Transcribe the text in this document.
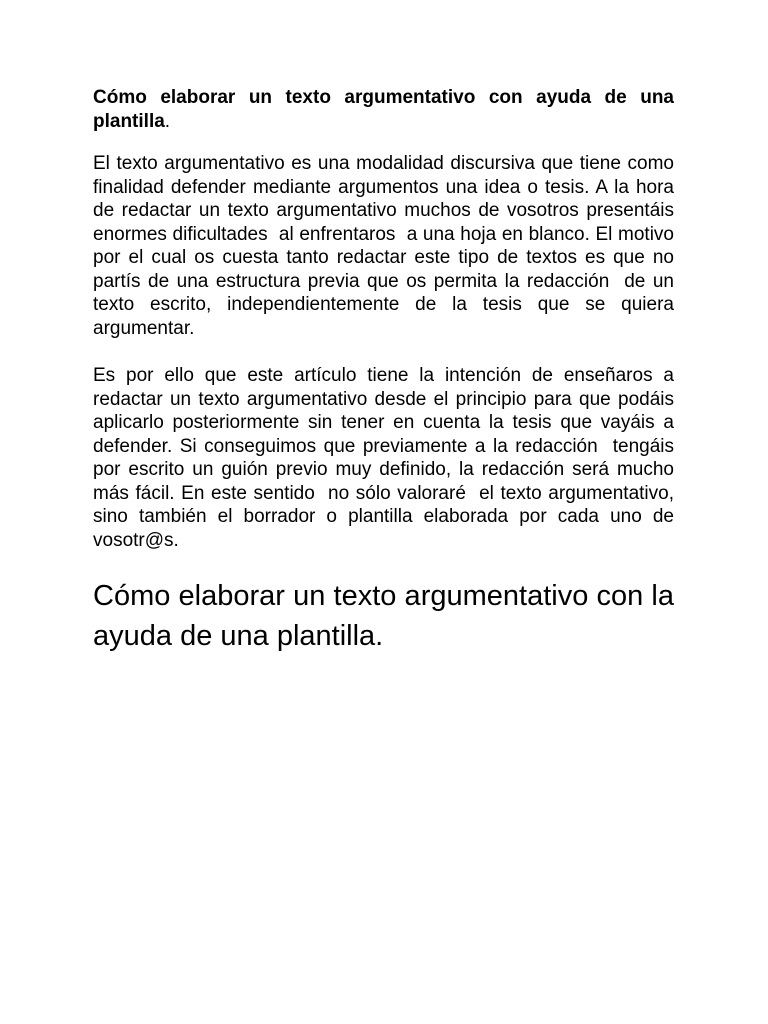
Cómo elaborar un texto argumentativo con ayuda de una plantilla.

El texto argumentativo es una modalidad discursiva que tiene como finalidad defender mediante argumentos una idea o tesis. A la hora de redactar un texto argumentativo muchos de vosotros presentáis enormes dificultades  al enfrentaros  a una hoja en blanco. El motivo por el cual os cuesta tanto redactar este tipo de textos es que no partís de una estructura previa que os permita la redacción  de un texto escrito, independientemente de la tesis que se quiera argumentar.

Es por ello que este artículo tiene la intención de enseñaros a redactar un texto argumentativo desde el principio para que podáis aplicarlo posteriormente sin tener en cuenta la tesis que vayáis a defender. Si conseguimos que previamente a la redacción  tengáis por escrito un guión previo muy definido, la redacción será mucho más fácil. En este sentido  no sólo valoraré  el texto argumentativo, sino también el borrador o plantilla elaborada por cada uno de vosotr@s.

Cómo elaborar un texto argumentativo con la ayuda de una plantilla.
